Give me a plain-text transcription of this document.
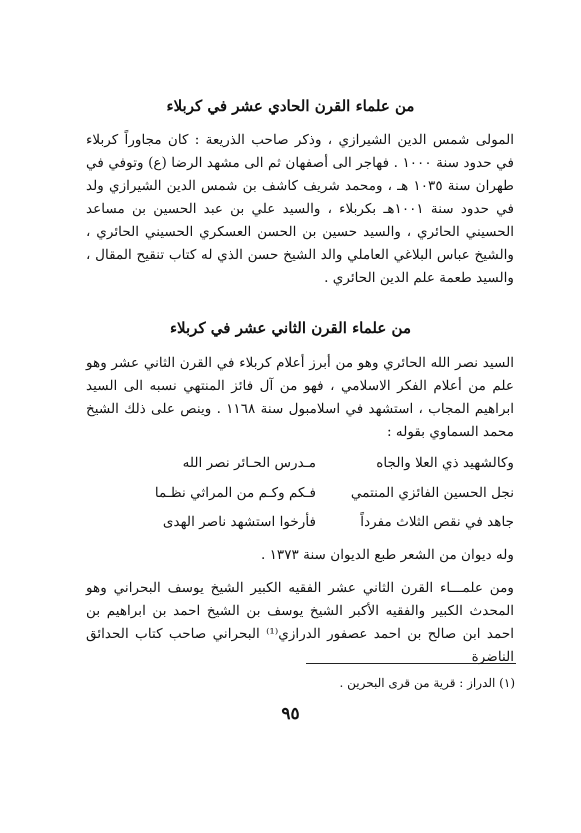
من علماء القرن الحادي عشر في كربلاء
المولى شمس الدين الشيرازي ، وذكر صاحب الذريعة : كان مجاوراً كربلاء في حدود سنة ١٠٠٠ . فهاجر الى أصفهان ثم الى مشهد الرضا (ع) وتوفي في طهران سنة ١٠٣٥ هـ ، ومحمد شريف كاشف بن شمس الدين الشيرازي ولد في حدود سنة ١٠٠١هـ بكربلاء ، والسيد علي بن عبد الحسين بن مساعد الحسيني الحائري ، والسيد حسين بن الحسن العسكري الحسيني الحائري ، والشيخ عباس البلاغي العاملي والد الشيخ حسن الذي له كتاب تنقيح المقال ، والسيد طعمة علم الدين الحائري .
من علماء القرن الثاني عشر في كربلاء
السيد نصر الله الحائري وهو من أبرز أعلام كربلاء في القرن الثاني عشر وهو علم من أعلام الفكر الاسلامي ، فهو من آل فائز المنتهي نسبه الى السيد ابراهيم المجاب ، استشهد في اسلامبول سنة ١١٦٨ . وينص على ذلك الشيخ محمد السماوي بقوله :
وكالشهيد ذي العلا والجاه
مـدرس الحـائر نصر الله
نجل الحسين الفائزي المنتمي
فـكم وكـم من المراثي نظـما
جاهد في نقص الثلاث مفرداً
فأرخوا استشهد ناصر الهدى
وله ديوان من الشعر طبع الديوان سنة ١٣٧٣ .
ومن علمـــاء القرن الثاني عشر الفقيه الكبير الشيخ يوسف البحراني وهو المحدث الكبير والفقيه الأكبر الشيخ يوسف بن الشيخ احمد بن ابراهيم بن احمد ابن صالح بن احمد عصفور الدرازي⁽¹⁾ البحراني صاحب كتاب الحدائق الناضرة
(١) الدراز : قرية من قرى البحرين .
٩٥
